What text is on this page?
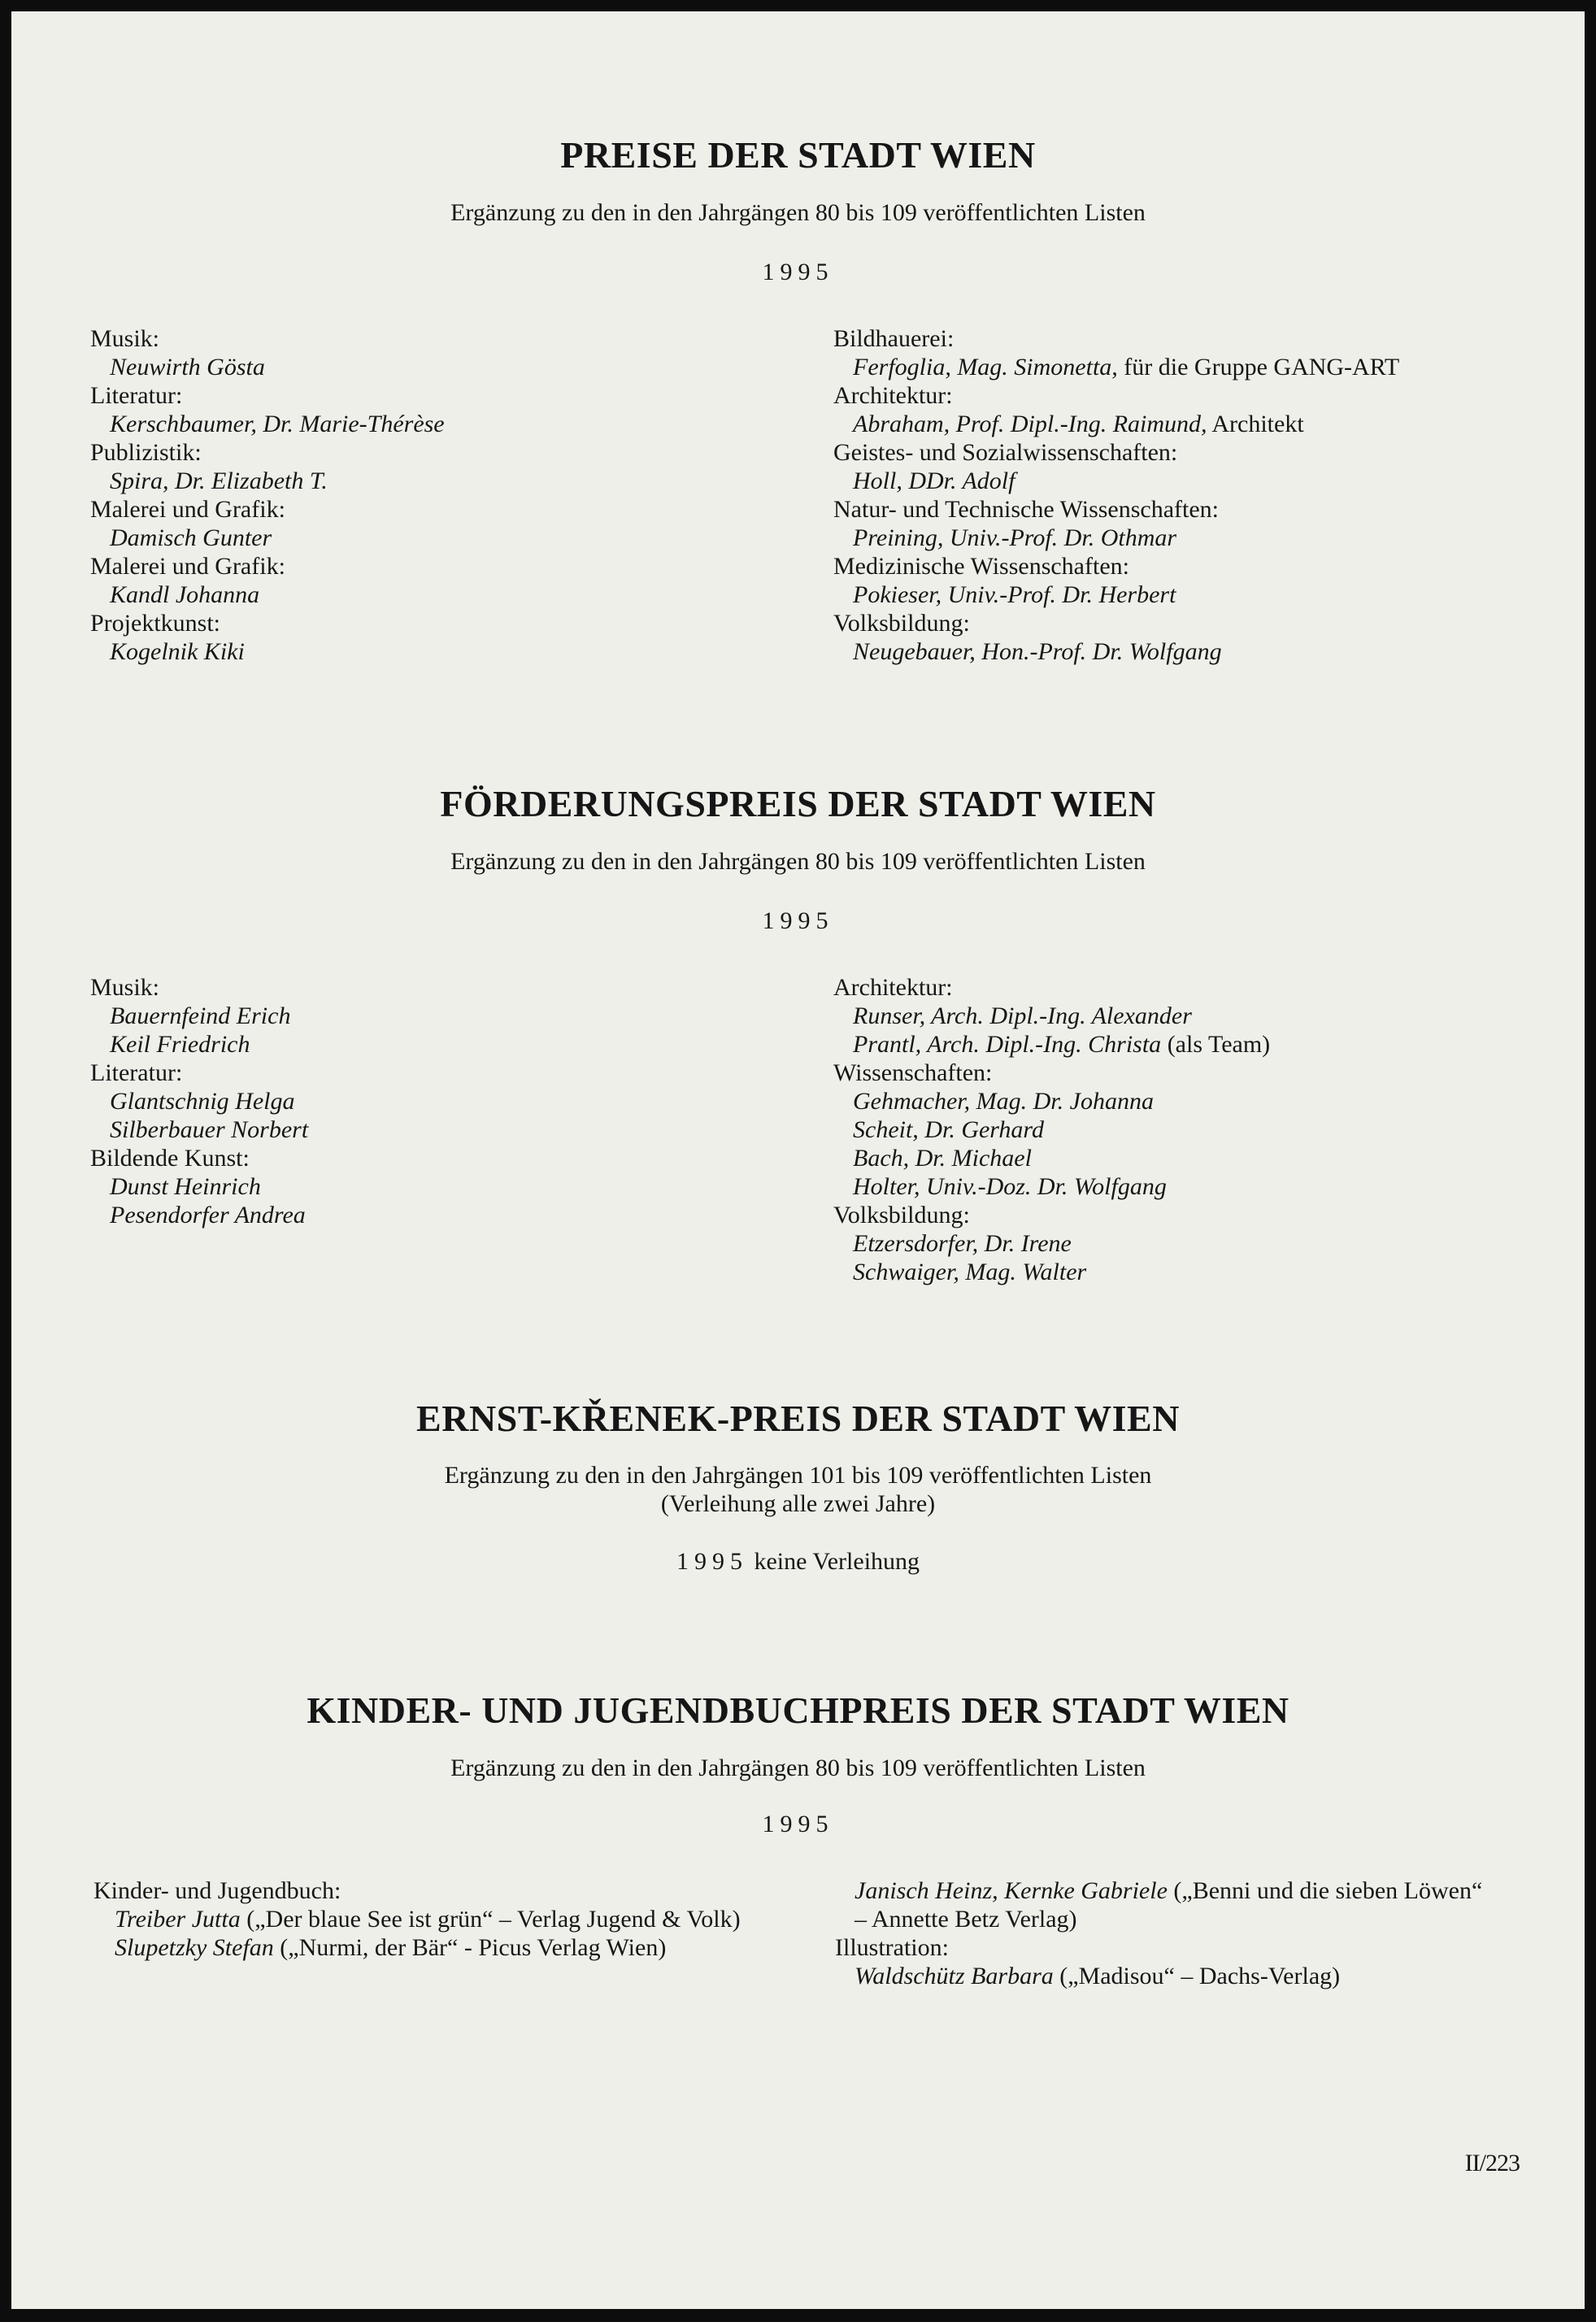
PREISE DER STADT WIEN

Ergänzung zu den in den Jahrgängen 80 bis 109 veröffentlichten Listen

1995

Musik:
Neuwirth Gösta
Literatur:
Kerschbaumer, Dr. Marie-Thérèse
Publizistik:
Spira, Dr. Elizabeth T.
Malerei und Grafik:
Damisch Gunter
Malerei und Grafik:
Kandl Johanna
Projektkunst:
Kogelnik Kiki
Bildhauerei:
Ferfoglia, Mag. Simonetta, für die Gruppe GANG-ART
Architektur:
Abraham, Prof. Dipl.-Ing. Raimund, Architekt
Geistes- und Sozialwissenschaften:
Holl, DDr. Adolf
Natur- und Technische Wissenschaften:
Preining, Univ.-Prof. Dr. Othmar
Medizinische Wissenschaften:
Pokieser, Univ.-Prof. Dr. Herbert
Volksbildung:
Neugebauer, Hon.-Prof. Dr. Wolfgang
FÖRDERUNGSPREIS DER STADT WIEN

Ergänzung zu den in den Jahrgängen 80 bis 109 veröffentlichten Listen

1995

Musik:
Bauernfeind Erich
Keil Friedrich
Literatur:
Glantschnig Helga
Silberbauer Norbert
Bildende Kunst:
Dunst Heinrich
Pesendorfer Andrea
Architektur:
Runser, Arch. Dipl.-Ing. Alexander
Prantl, Arch. Dipl.-Ing. Christa (als Team)
Wissenschaften:
Gehmacher, Mag. Dr. Johanna
Scheit, Dr. Gerhard
Bach, Dr. Michael
Holter, Univ.-Doz. Dr. Wolfgang
Volksbildung:
Etzersdorfer, Dr. Irene
Schwaiger, Mag. Walter
ERNST-KŘENEK-PREIS DER STADT WIEN

Ergänzung zu den in den Jahrgängen 101 bis 109 veröffentlichten Listen

(Verleihung alle zwei Jahre)

1995 keine Verleihung

KINDER- UND JUGENDBUCHPREIS DER STADT WIEN

Ergänzung zu den in den Jahrgängen 80 bis 109 veröffentlichten Listen

1995

Kinder- und Jugendbuch:
Treiber Jutta („Der blaue See ist grün“ – Verlag Jugend & Volk)
Slupetzky Stefan („Nurmi, der Bär“ - Picus Verlag Wien)
Janisch Heinz, Kernke Gabriele („Benni und die sieben Löwen“ – Annette Betz Verlag)
Illustration:
Waldschütz Barbara („Madisou“ – Dachs-Verlag)
II/223
